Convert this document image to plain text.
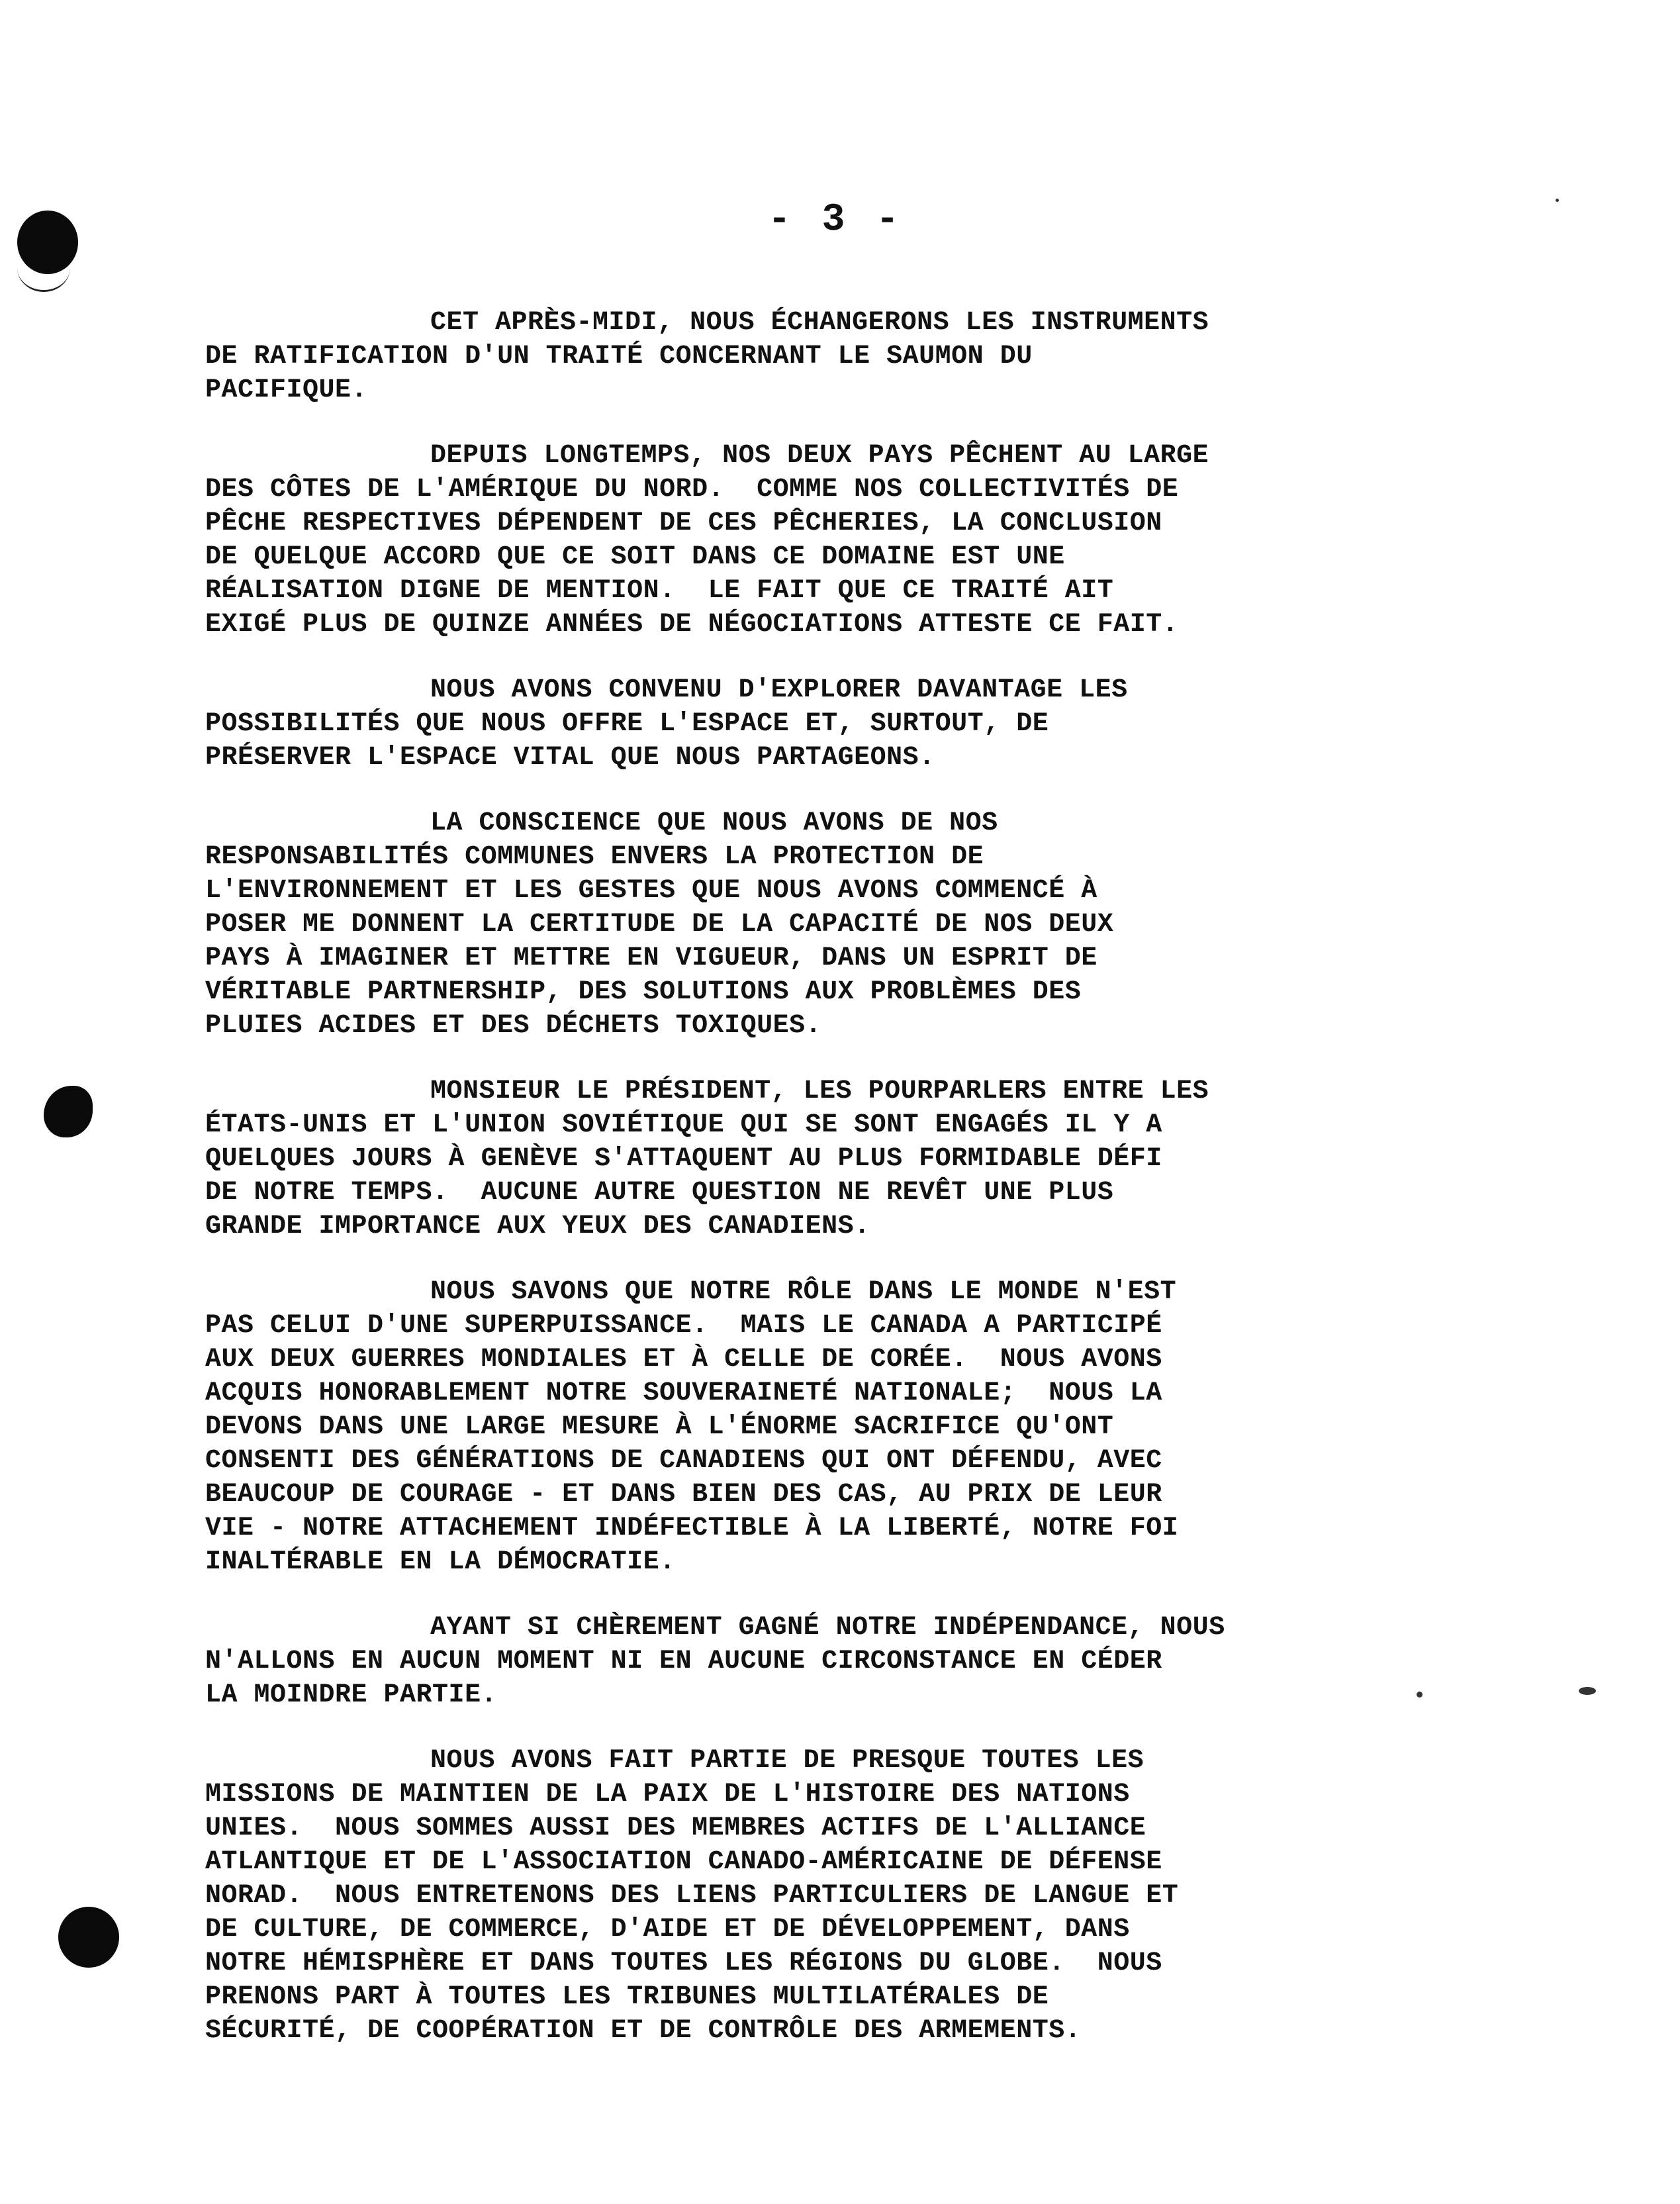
- 3 -

CET APRÈS-MIDI, NOUS ÉCHANGERONS LES INSTRUMENTS
DE RATIFICATION D'UN TRAITÉ CONCERNANT LE SAUMON DU
PACIFIQUE.

DEPUIS LONGTEMPS, NOS DEUX PAYS PÊCHENT AU LARGE
DES CÔTES DE L'AMÉRIQUE DU NORD.  COMME NOS COLLECTIVITÉS DE
PÊCHE RESPECTIVES DÉPENDENT DE CES PÊCHERIES, LA CONCLUSION
DE QUELQUE ACCORD QUE CE SOIT DANS CE DOMAINE EST UNE
RÉALISATION DIGNE DE MENTION.  LE FAIT QUE CE TRAITÉ AIT
EXIGÉ PLUS DE QUINZE ANNÉES DE NÉGOCIATIONS ATTESTE CE FAIT.

NOUS AVONS CONVENU D'EXPLORER DAVANTAGE LES
POSSIBILITÉS QUE NOUS OFFRE L'ESPACE ET, SURTOUT, DE
PRÉSERVER L'ESPACE VITAL QUE NOUS PARTAGEONS.

LA CONSCIENCE QUE NOUS AVONS DE NOS
RESPONSABILITÉS COMMUNES ENVERS LA PROTECTION DE
L'ENVIRONNEMENT ET LES GESTES QUE NOUS AVONS COMMENCÉ À
POSER ME DONNENT LA CERTITUDE DE LA CAPACITÉ DE NOS DEUX
PAYS À IMAGINER ET METTRE EN VIGUEUR, DANS UN ESPRIT DE
VÉRITABLE PARTNERSHIP, DES SOLUTIONS AUX PROBLÈMES DES
PLUIES ACIDES ET DES DÉCHETS TOXIQUES.

MONSIEUR LE PRÉSIDENT, LES POURPARLERS ENTRE LES
ÉTATS-UNIS ET L'UNION SOVIÉTIQUE QUI SE SONT ENGAGÉS IL Y A
QUELQUES JOURS À GENÈVE S'ATTAQUENT AU PLUS FORMIDABLE DÉFI
DE NOTRE TEMPS.  AUCUNE AUTRE QUESTION NE REVÊT UNE PLUS
GRANDE IMPORTANCE AUX YEUX DES CANADIENS.

NOUS SAVONS QUE NOTRE RÔLE DANS LE MONDE N'EST
PAS CELUI D'UNE SUPERPUISSANCE.  MAIS LE CANADA A PARTICIPÉ
AUX DEUX GUERRES MONDIALES ET À CELLE DE CORÉE.  NOUS AVONS
ACQUIS HONORABLEMENT NOTRE SOUVERAINETÉ NATIONALE;  NOUS LA
DEVONS DANS UNE LARGE MESURE À L'ÉNORME SACRIFICE QU'ONT
CONSENTI DES GÉNÉRATIONS DE CANADIENS QUI ONT DÉFENDU, AVEC
BEAUCOUP DE COURAGE - ET DANS BIEN DES CAS, AU PRIX DE LEUR
VIE - NOTRE ATTACHEMENT INDÉFECTIBLE À LA LIBERTÉ, NOTRE FOI
INALTÉRABLE EN LA DÉMOCRATIE.

AYANT SI CHÈREMENT GAGNÉ NOTRE INDÉPENDANCE, NOUS
N'ALLONS EN AUCUN MOMENT NI EN AUCUNE CIRCONSTANCE EN CÉDER
LA MOINDRE PARTIE.

NOUS AVONS FAIT PARTIE DE PRESQUE TOUTES LES
MISSIONS DE MAINTIEN DE LA PAIX DE L'HISTOIRE DES NATIONS
UNIES.  NOUS SOMMES AUSSI DES MEMBRES ACTIFS DE L'ALLIANCE
ATLANTIQUE ET DE L'ASSOCIATION CANADO-AMÉRICAINE DE DÉFENSE
NORAD.  NOUS ENTRETENONS DES LIENS PARTICULIERS DE LANGUE ET
DE CULTURE, DE COMMERCE, D'AIDE ET DE DÉVELOPPEMENT, DANS
NOTRE HÉMISPHÈRE ET DANS TOUTES LES RÉGIONS DU GLOBE.  NOUS
PRENONS PART À TOUTES LES TRIBUNES MULTILATÉRALES DE
SÉCURITÉ, DE COOPÉRATION ET DE CONTRÔLE DES ARMEMENTS.
